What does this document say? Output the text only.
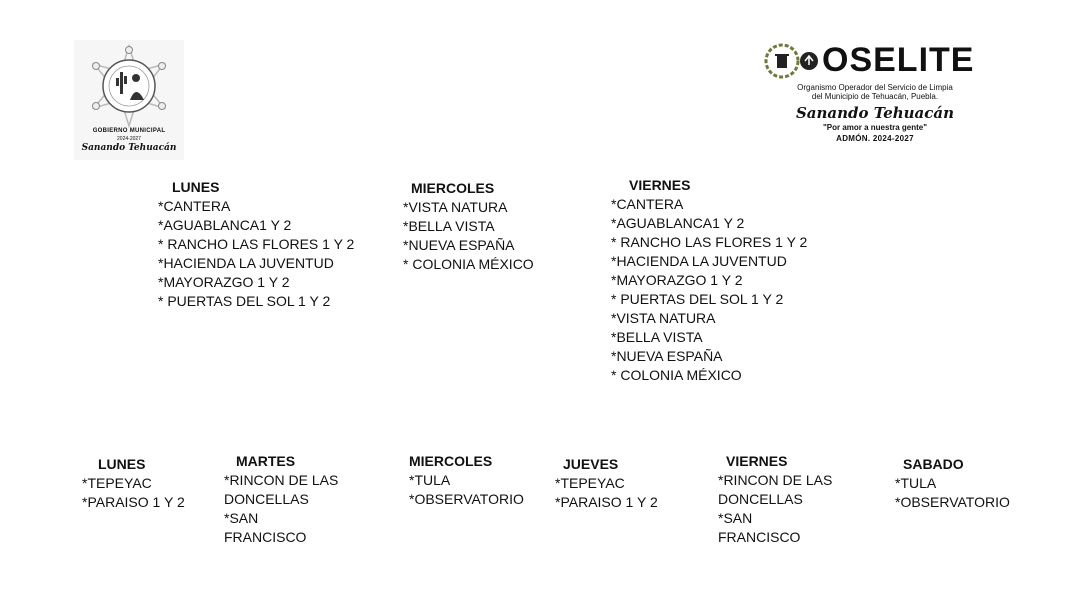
GOBIERNO MUNICIPAL
2024-2027
Sanando Tehuacán
OSELITE
Organismo Operador del Servicio de Limpia
del Municipio de Tehuacán, Puebla.
Sanando Tehuacán
"Por amor a nuestra gente"
ADMÓN. 2024-2027
LUNES
*CANTERA
*AGUABLANCA1 Y 2
* RANCHO LAS FLORES 1 Y 2
*HACIENDA LA JUVENTUD
*MAYORAZGO 1 Y 2
* PUERTAS DEL SOL 1 Y 2
MIERCOLES
*VISTA NATURA
*BELLA VISTA
*NUEVA ESPAÑA
* COLONIA MÉXICO
VIERNES
*CANTERA
*AGUABLANCA1 Y 2
* RANCHO LAS FLORES 1 Y 2
*HACIENDA LA JUVENTUD
*MAYORAZGO 1 Y 2
* PUERTAS DEL SOL 1 Y 2
*VISTA NATURA
*BELLA VISTA
*NUEVA ESPAÑA
* COLONIA MÉXICO
LUNES
*TEPEYAC
*PARAISO 1 Y 2
MARTES
*RINCON DE LAS DONCELLAS
*SAN FRANCISCO
MIERCOLES
*TULA
*OBSERVATORIO
JUEVES
*TEPEYAC
*PARAISO 1 Y 2
VIERNES
*RINCON DE LAS DONCELLAS
*SAN FRANCISCO
SABADO
*TULA
*OBSERVATORIO
